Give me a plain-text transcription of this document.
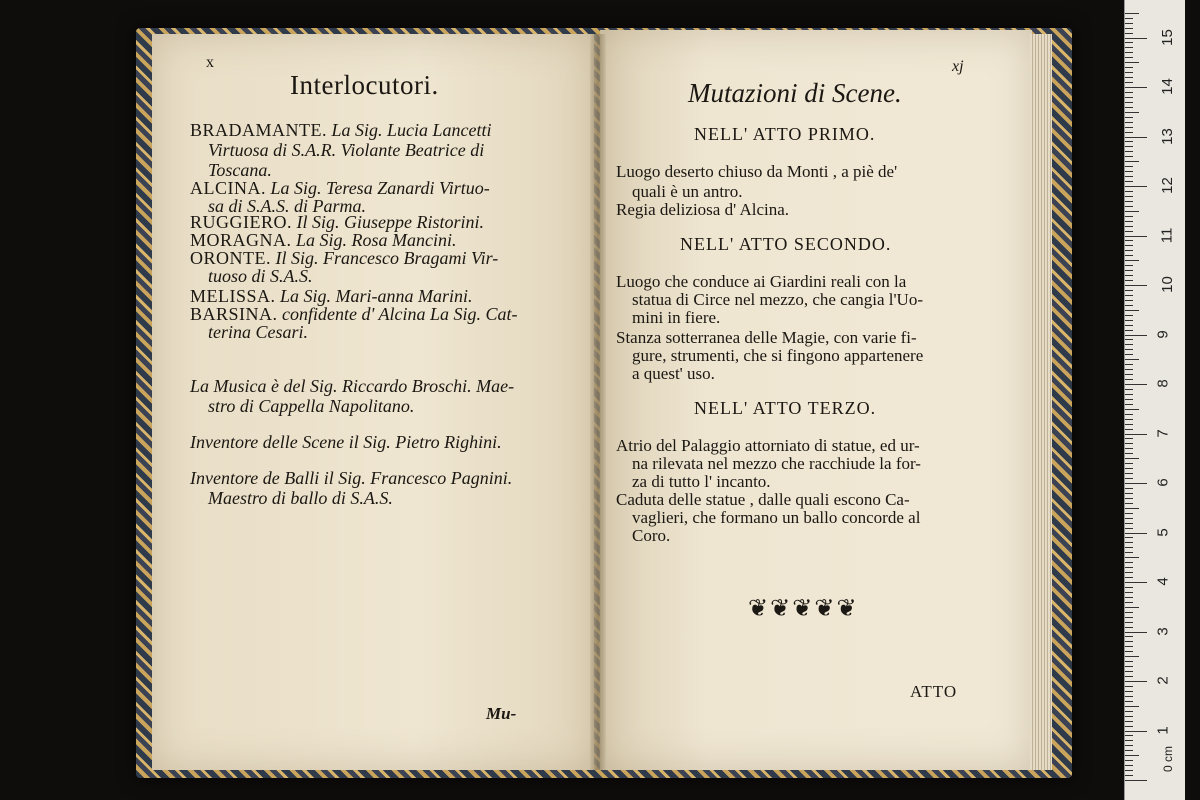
x
Interlocutori.
BRADAMANTE. La Sig. Lucia Lancetti
Virtuosa di S.A.R. Violante Beatrice di
Toscana.
ALCINA. La Sig. Teresa Zanardi Virtuo-
sa di S.A.S. di Parma.
RUGGIERO. Il Sig. Giuseppe Ristorini.
MORAGNA. La Sig. Rosa Mancini.
ORONTE. Il Sig. Francesco Bragami Vir-
tuoso di S.A.S.
MELISSA. La Sig. Mari-anna Marini.
BARSINA. confidente d' Alcina La Sig. Cat-
terina Cesari.
La Musica è del Sig. Riccardo Broschi. Mae-
stro di Cappella Napolitano.
Inventore delle Scene il Sig. Pietro Righini.
Inventore de Balli il Sig. Francesco Pagnini.
Maestro di ballo di S.A.S.
Mu-
xj
Mutazioni di Scene.
NELL' ATTO PRIMO.
Luogo deserto chiuso da Monti , a piè de'
quali è un antro.
Regia deliziosa d' Alcina.
NELL' ATTO SECONDO.
Luogo che conduce ai Giardini reali con la
statua di Circe nel mezzo, che cangia l'Uo-
mini in fiere.
Stanza sotterranea delle Magie, con varie fi-
gure, strumenti, che si fingono appartenere
a quest' uso.
NELL' ATTO TERZO.
Atrio del Palaggio attorniato di statue, ed ur-
na rilevata nel mezzo che racchiude la for-
za di tutto l' incanto.
Caduta delle statue , dalle quali escono Ca-
vaglieri, che formano un ballo concorde al
Coro.
❦❦❦❦❦
ATTO
1
2
3
4
5
6
7
8
9
10
11
12
13
14
15
0 cm
